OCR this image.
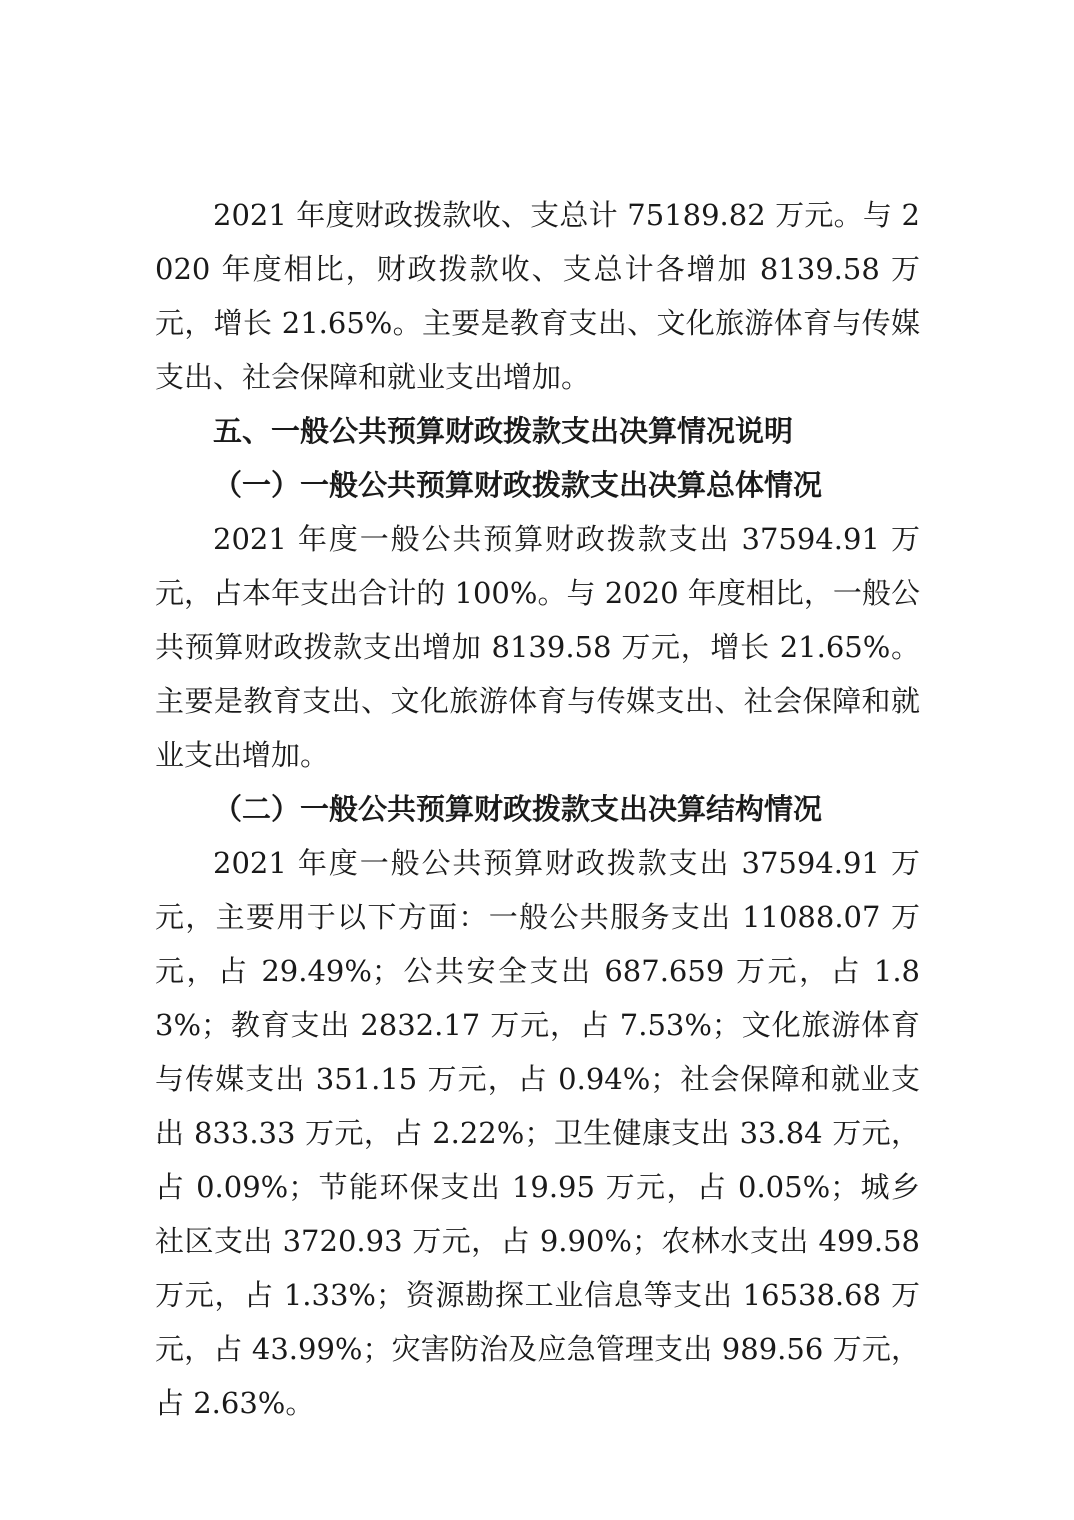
2021 年度财政拨款收、支总计 75189.82 万元。与 2020 年度相比，财政拨款收、支总计各增加 8139.58 万元，增长 21.65%。主要是教育支出、文化旅游体育与传媒支出、社会保障和就业支出增加。

五、一般公共预算财政拨款支出决算情况说明

（一）一般公共预算财政拨款支出决算总体情况

2021 年度一般公共预算财政拨款支出 37594.91 万元，占本年支出合计的 100%。与 2020 年度相比，一般公共预算财政拨款支出增加 8139.58 万元，增长 21.65%。主要是教育支出、文化旅游体育与传媒支出、社会保障和就业支出增加。

（二）一般公共预算财政拨款支出决算结构情况

2021 年度一般公共预算财政拨款支出 37594.91 万元，主要用于以下方面：一般公共服务支出 11088.07 万元，占 29.49%；公共安全支出 687.659 万元，占 1.83%；教育支出 2832.17 万元，占 7.53%；文化旅游体育与传媒支出 351.15 万元，占 0.94%；社会保障和就业支出 833.33 万元，占 2.22%；卫生健康支出 33.84 万元，占 0.09%；节能环保支出 19.95 万元，占 0.05%；城乡社区支出 3720.93 万元，占 9.90%；农林水支出 499.58 万元，占 1.33%；资源勘探工业信息等支出 16538.68 万元，占 43.99%；灾害防治及应急管理支出 989.56 万元，占 2.63%。
